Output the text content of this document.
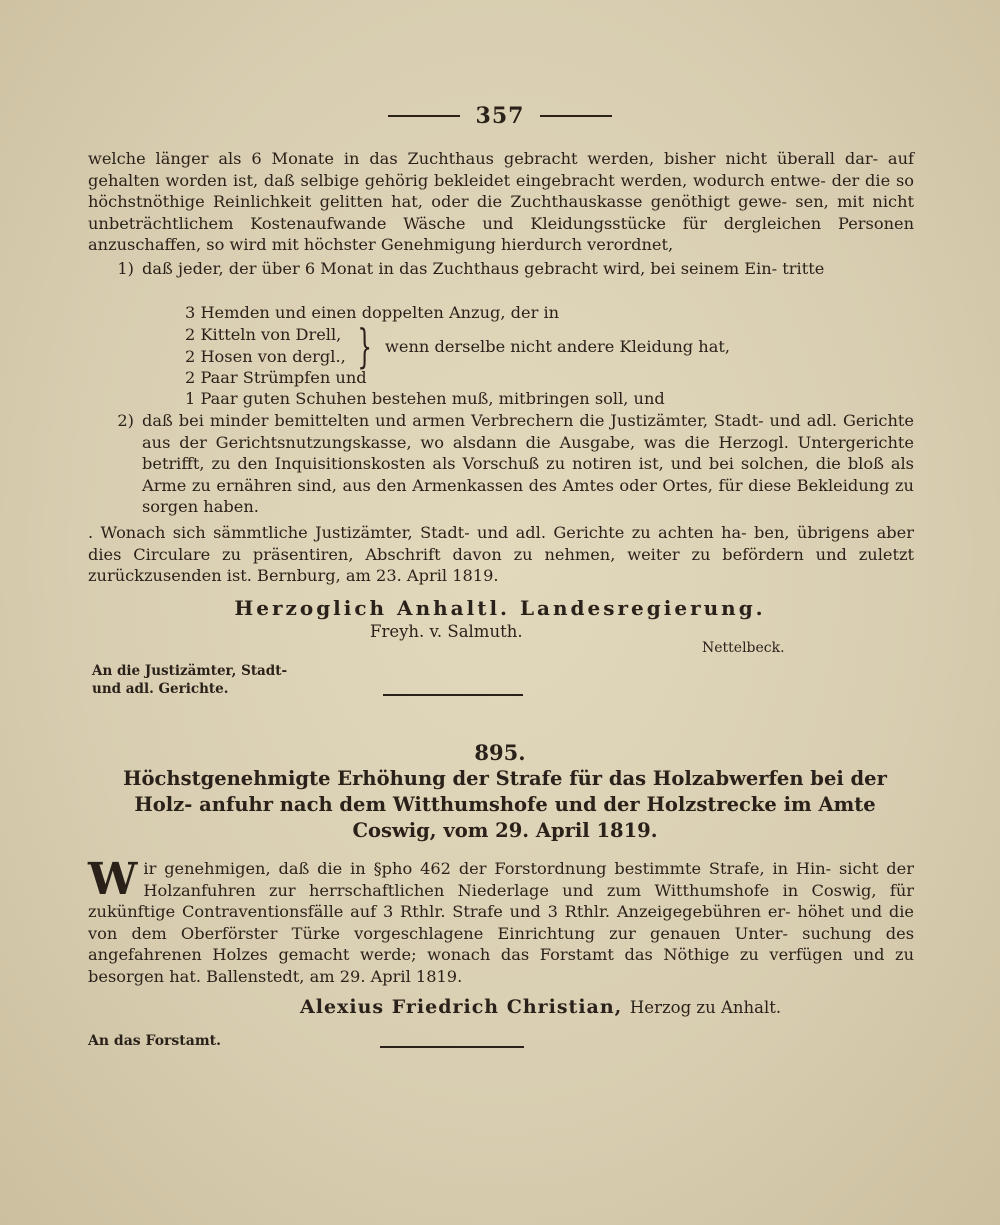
357

welche länger als 6 Monate in das Zuchthaus gebracht werden, bisher nicht überall dar- auf gehalten worden ist, daß selbige gehörig bekleidet eingebracht werden, wodurch entwe- der die so höchstnöthige Reinlichkeit gelitten hat, oder die Zuchthauskasse genöthigt gewe- sen, mit nicht unbeträchtlichem Kostenaufwande Wäsche und Kleidungsstücke für dergleichen Personen anzuschaffen, so wird mit höchster Genehmigung hierdurch verordnet,

1) daß jeder, der über 6 Monat in das Zuchthaus gebracht wird, bei seinem Ein- tritte
3 Hemden und einen doppelten Anzug, der in
2 Kitteln von Drell,
2 Hosen von dergl., } wenn derselbe nicht andere Kleidung hat,
2 Paar Strümpfen und
1 Paar guten Schuhen bestehen muß, mitbringen soll, und
2) daß bei minder bemittelten und armen Verbrechern die Justizämter, Stadt- und adl. Gerichte aus der Gerichtsnutzungskasse, wo alsdann die Ausgabe, was die Herzogl. Untergerichte betrifft, zu den Inquisitionskosten als Vorschuß zu notiren ist, und bei solchen, die bloß als Arme zu ernähren sind, aus den Armenkassen des Amtes oder Ortes, für diese Bekleidung zu sorgen haben.

. Wonach sich sämmtliche Justizämter, Stadt- und adl. Gerichte zu achten ha- ben, übrigens aber dies Circulare zu präsentiren, Abschrift davon zu nehmen, weiter zu befördern und zuletzt zurückzusenden ist. Bernburg, am 23. April 1819.

Herzoglich Anhaltl. Landesregierung.
Freyh. v. Salmuth.
Nettelbeck.
An die Justizämter, Stadt-
und adl. Gerichte.
895.
Höchstgenehmigte Erhöhung der Strafe für das Holzabwerfen bei der Holz- anfuhr nach dem Witthumshofe und der Holzstrecke im Amte Coswig, vom 29. April 1819.
W ir genehmigen, daß die in §pho 462 der Forstordnung bestimmte Strafe, in Hin- sicht der Holzanfuhren zur herrschaftlichen Niederlage und zum Witthumshofe in Coswig, für zukünftige Contraventionsfälle auf 3 Rthlr. Strafe und 3 Rthlr. Anzeigegebühren er- höhet und die von dem Oberförster Türke vorgeschlagene Einrichtung zur genauen Unter- suchung des angefahrenen Holzes gemacht werde; wonach das Forstamt das Nöthige zu verfügen und zu besorgen hat. Ballenstedt, am 29. April 1819.
Alexius Friedrich Christian, Herzog zu Anhalt.
An das Forstamt.
